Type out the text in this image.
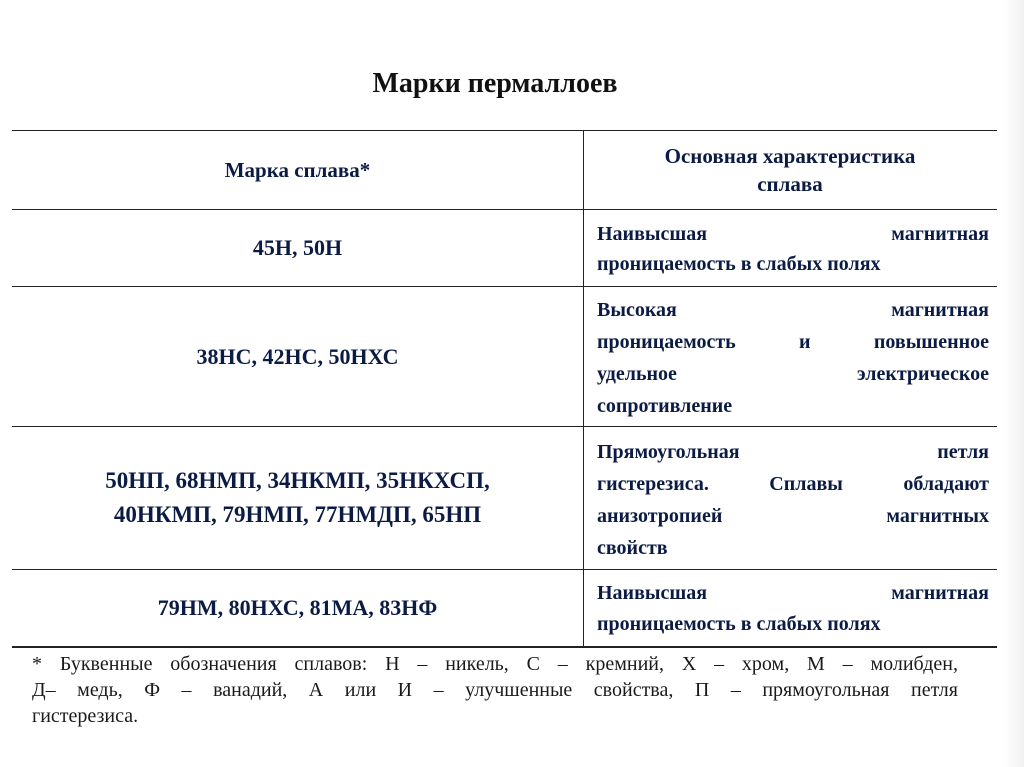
Марки пермаллоев
Марка сплава*
Основная характеристика
сплава
45Н, 50Н
Наивысшая магнитная
проницаемость в слабых полях
38НС, 42НС, 50НХС
Высокая магнитная
проницаемость и повышенное
удельное электрическое
сопротивление
50НП, 68НМП, 34НКМП, 35НКХСП,
40НКМП, 79НМП, 77НМДП, 65НП
Прямоугольная петля
гистерезиса. Сплавы обладают
анизотропией магнитных
свойств
79НМ, 80НХС, 81МА, 83НФ
Наивысшая магнитная
проницаемость в слабых полях
* Буквенные обозначения сплавов: Н – никель, С – кремний, Х – хром, М – молибден,
Д– медь, Ф – ванадий, А или И – улучшенные свойства, П – прямоугольная петля
гистерезиса.
